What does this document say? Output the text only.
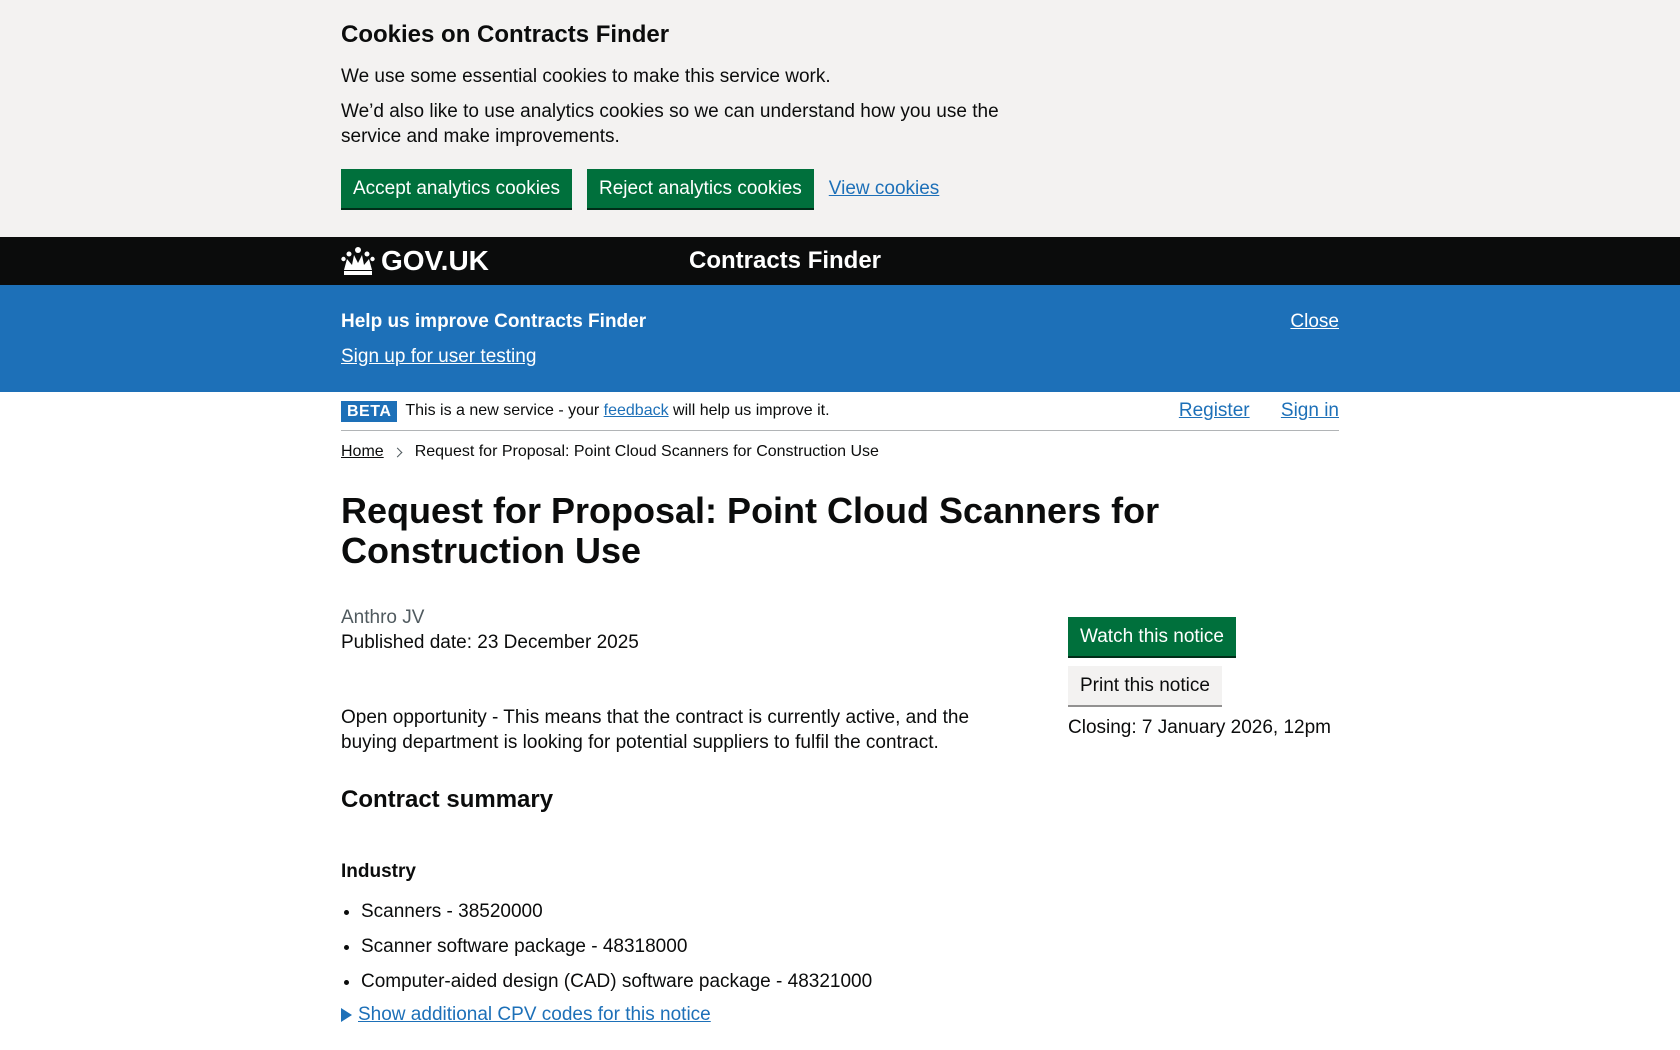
Cookies on Contracts Finder

We use some essential cookies to make this service work.

We’d also like to use analytics cookies so we can understand how you use the service and make improvements.

Accept analytics cookies	Reject analytics cookies	View cookies
GOV.UK	Contracts Finder
Help us improve Contracts Finder
Sign up for user testing
Close
BETA This is a new service - your feedback will help us improve it.	Register Sign in
Home Request for Proposal: Point Cloud Scanners for Construction Use
Request for Proposal: Point Cloud Scanners for Construction Use
Anthro JV
Published date: 23 December 2025

Open opportunity - This means that the contract is currently active, and the buying department is looking for potential suppliers to fulfil the contract.

Contract summary
Industry
• Scanners - 38520000
• Scanner software package - 48318000
• Computer-aided design (CAD) software package - 48321000
Show additional CPV codes for this notice
Watch this notice
Print this notice
Closing: 7 January 2026, 12pm
